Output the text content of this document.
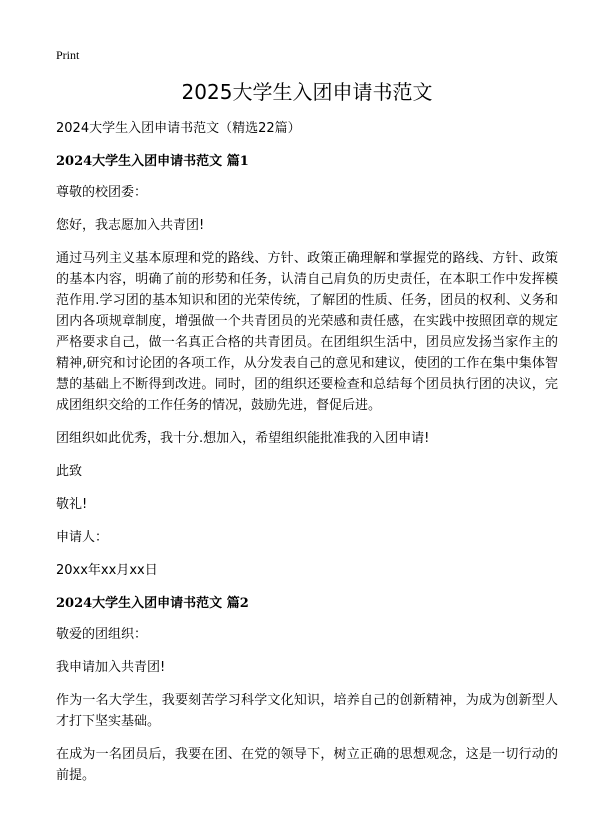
Print
2025大学生入团申请书范文

2024大学生入团申请书范文（精选22篇）

2024大学生入团申请书范文 篇1

尊敬的校团委：

您好，我志愿加入共青团!

通过马列主义基本原理和党的路线、方针、政策正确理解和掌握党的路线、方针、政策的基本内容，明确了前的形势和任务，认清自己肩负的历史责任，在本职工作中发挥模范作用.学习团的基本知识和团的光荣传统，了解团的性质、任务，团员的权利、义务和团内各项规章制度，增强做一个共青团员的光荣感和责任感，在实践中按照团章的规定严格要求自己，做一名真正合格的共青团员。在团组织生活中，团员应发扬当家作主的精神,研究和讨论团的各项工作，从分发表自己的意见和建议，使团的工作在集中集体智慧的基础上不断得到改进。同时，团的组织还要检查和总结每个团员执行团的决议，完成团组织交给的工作任务的情况，鼓励先进，督促后进。

团组织如此优秀，我十分.想加入，希望组织能批准我的入团申请!

此致

敬礼!

申请人：

20xx年xx月xx日

2024大学生入团申请书范文 篇2

敬爱的团组织：

我申请加入共青团!

作为一名大学生，我要刻苦学习科学文化知识，培养自己的创新精神，为成为创新型人才打下坚实基础。

在成为一名团员后，我要在团、在党的领导下，树立正确的思想观念，这是一切行动的前提。
